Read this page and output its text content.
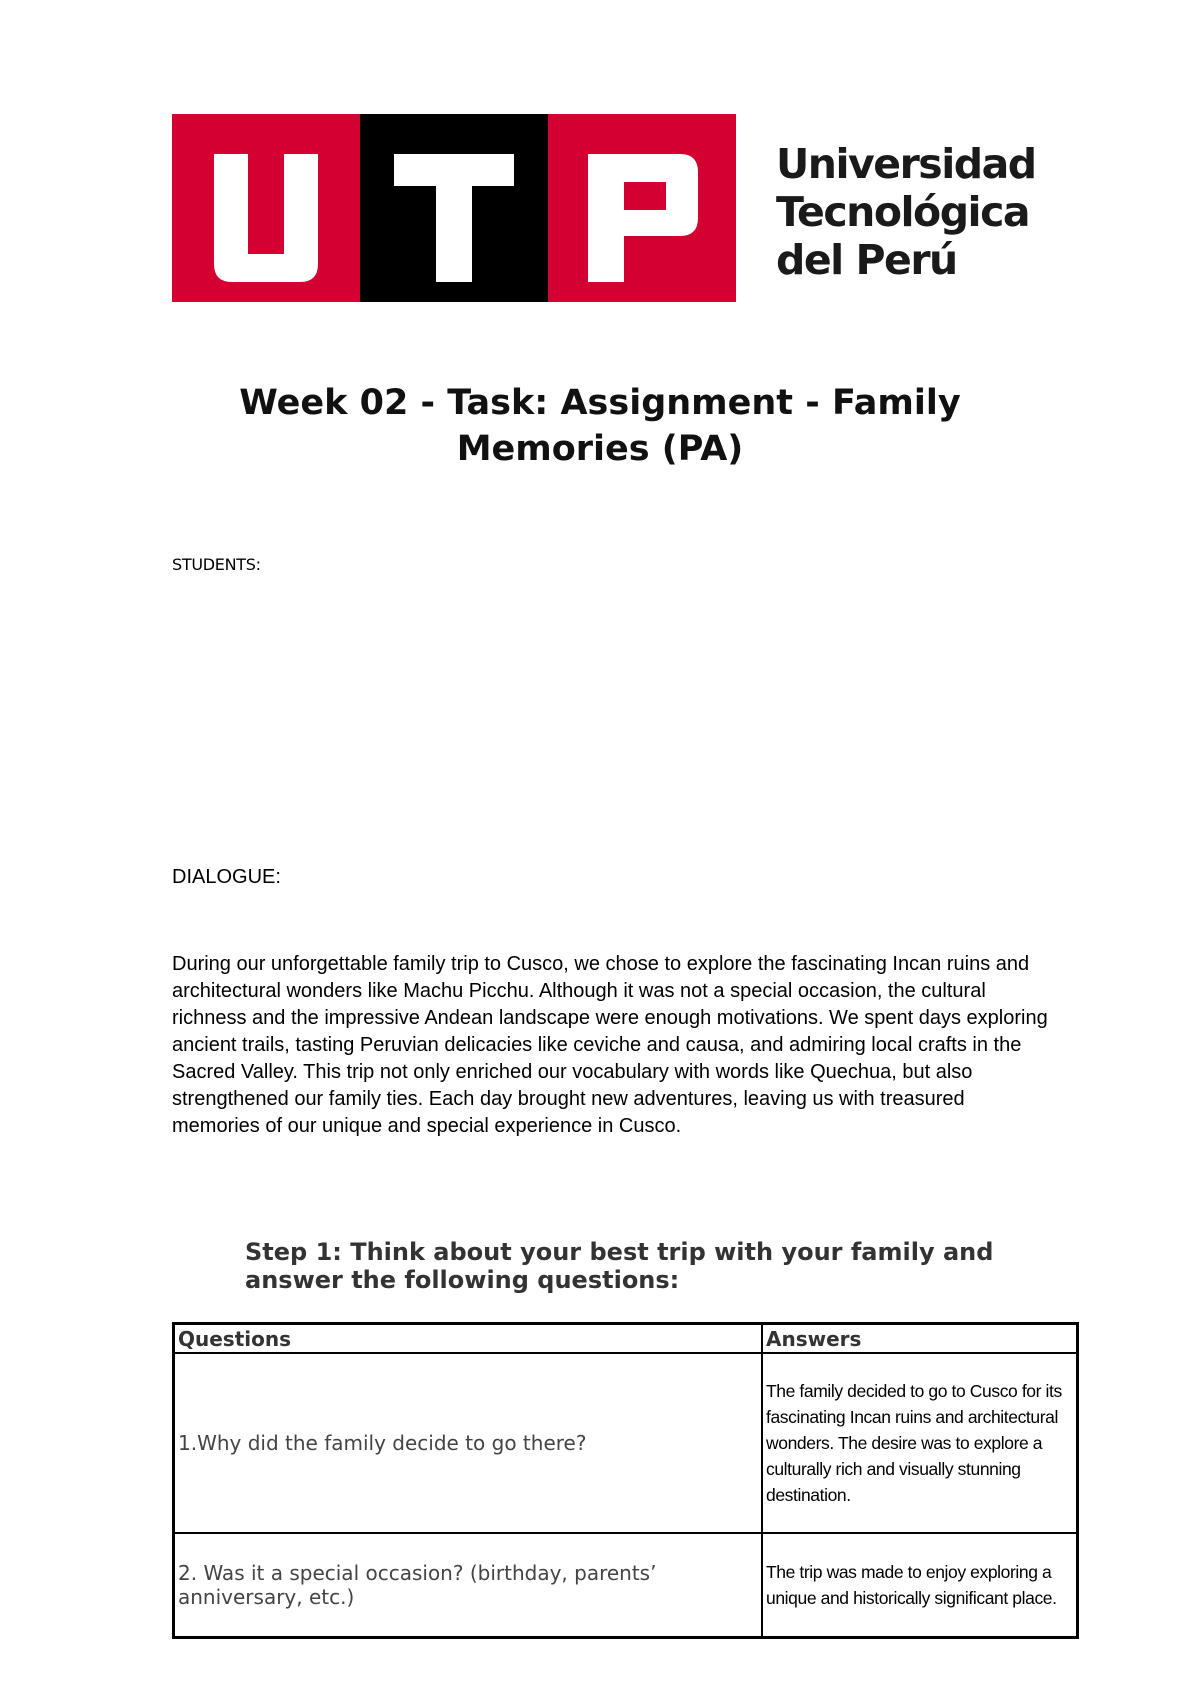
Universidad
Tecnológica
del Perú
Week 02 - Task: Assignment - Family Memories (PA)
STUDENTS:
DIALOGUE:
During our unforgettable family trip to Cusco, we chose to explore the fascinating Incan ruins and architectural wonders like Machu Picchu. Although it was not a special occasion, the cultural richness and the impressive Andean landscape were enough motivations. We spent days exploring ancient trails, tasting Peruvian delicacies like ceviche and causa, and admiring local crafts in the Sacred Valley. This trip not only enriched our vocabulary with words like Quechua, but also strengthened our family ties. Each day brought new adventures, leaving us with treasured memories of our unique and special experience in Cusco.
Step 1: Think about your best trip with your family and answer the following questions:
Questions	Answers
1.Why did the family decide to go there?	The family decided to go to Cusco for its fascinating Incan ruins and architectural wonders. The desire was to explore a culturally rich and visually stunning destination.
2. Was it a special occasion? (birthday, parents’ anniversary, etc.)	The trip was made to enjoy exploring a unique and historically significant place.
